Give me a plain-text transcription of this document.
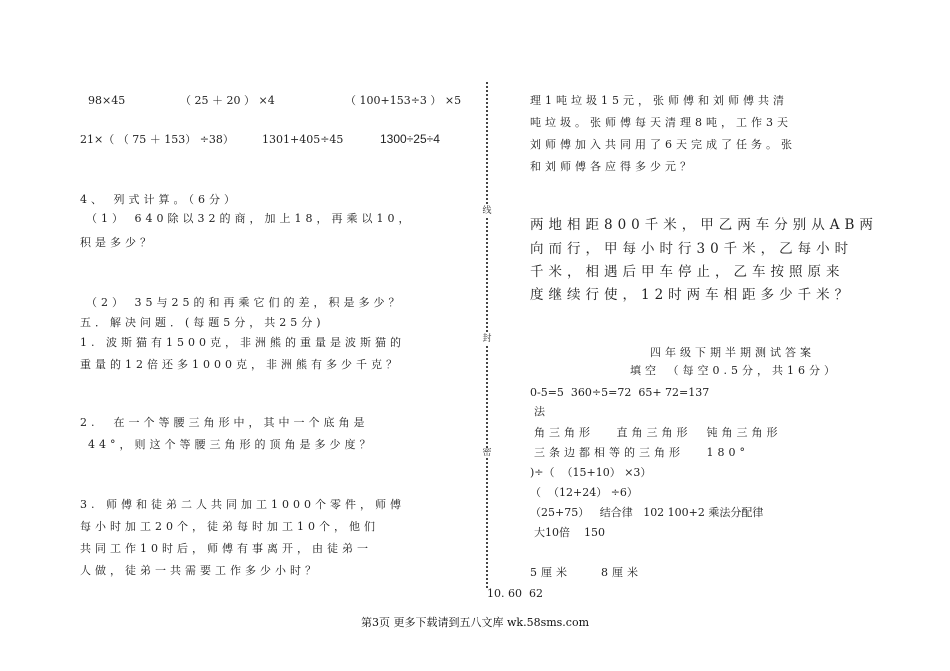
98×45	（ 25 ＋ 20 ） ×4	（ 100+153÷3 ） ×5
21×（ （ 75 ＋ 153） ÷38）	1301+405÷45	1300÷25÷4
4、 列式计算。（6分）
（1） 640除以32的商，加上18，再乘以10，
积是多少？
（2） 35与25的和再乘它们的差，积是多少？
五．解决问题．(每题5分，共25分)
1. 波斯猫有1500克，非洲熊的重量是波斯猫的
重量的12倍还多1000克，非洲熊有多少千克？
2.  在一个等腰三角形中，其中一个底角是
44°，则这个等腰三角形的顶角是多少度？
3. 师傅和徒弟二人共同加工1000个零件，师傅
每小时加工20个，徒弟每时加工10个，他们
共同工作10时后，师傅有事离开，由徒弟一
人做，徒弟一共需要工作多少小时？
线
封
密
理1吨垃圾15元，张师傅和刘师傅共清
吨垃圾。张师傅每天清理8吨，工作3天
刘师傅加入共同用了6天完成了任务。张
和刘师傅各应得多少元？
两地相距800千米，甲乙两车分别从AB两
向而行，甲每小时行30千米，乙每小时
千米，相遇后甲车停止，乙车按照原来
度继续行使，12时两车相距多少千米？
四年级下期半期测试答案
填空 （每空0.5分，共16分）
0-5=5  360÷5=72  65+ 72=137
法
角三角形   直角三角形  钝角三角形
三条边都相等的三角形   180°
)÷（  （15+10） ×3）
（  （12+24） ÷6）
（25+75）   结合律   102 100+2 乘法分配律
大10倍    150
5厘米    8厘米
10. 60  62
第3页 更多下载请到五八文库 wk.58sms.com
